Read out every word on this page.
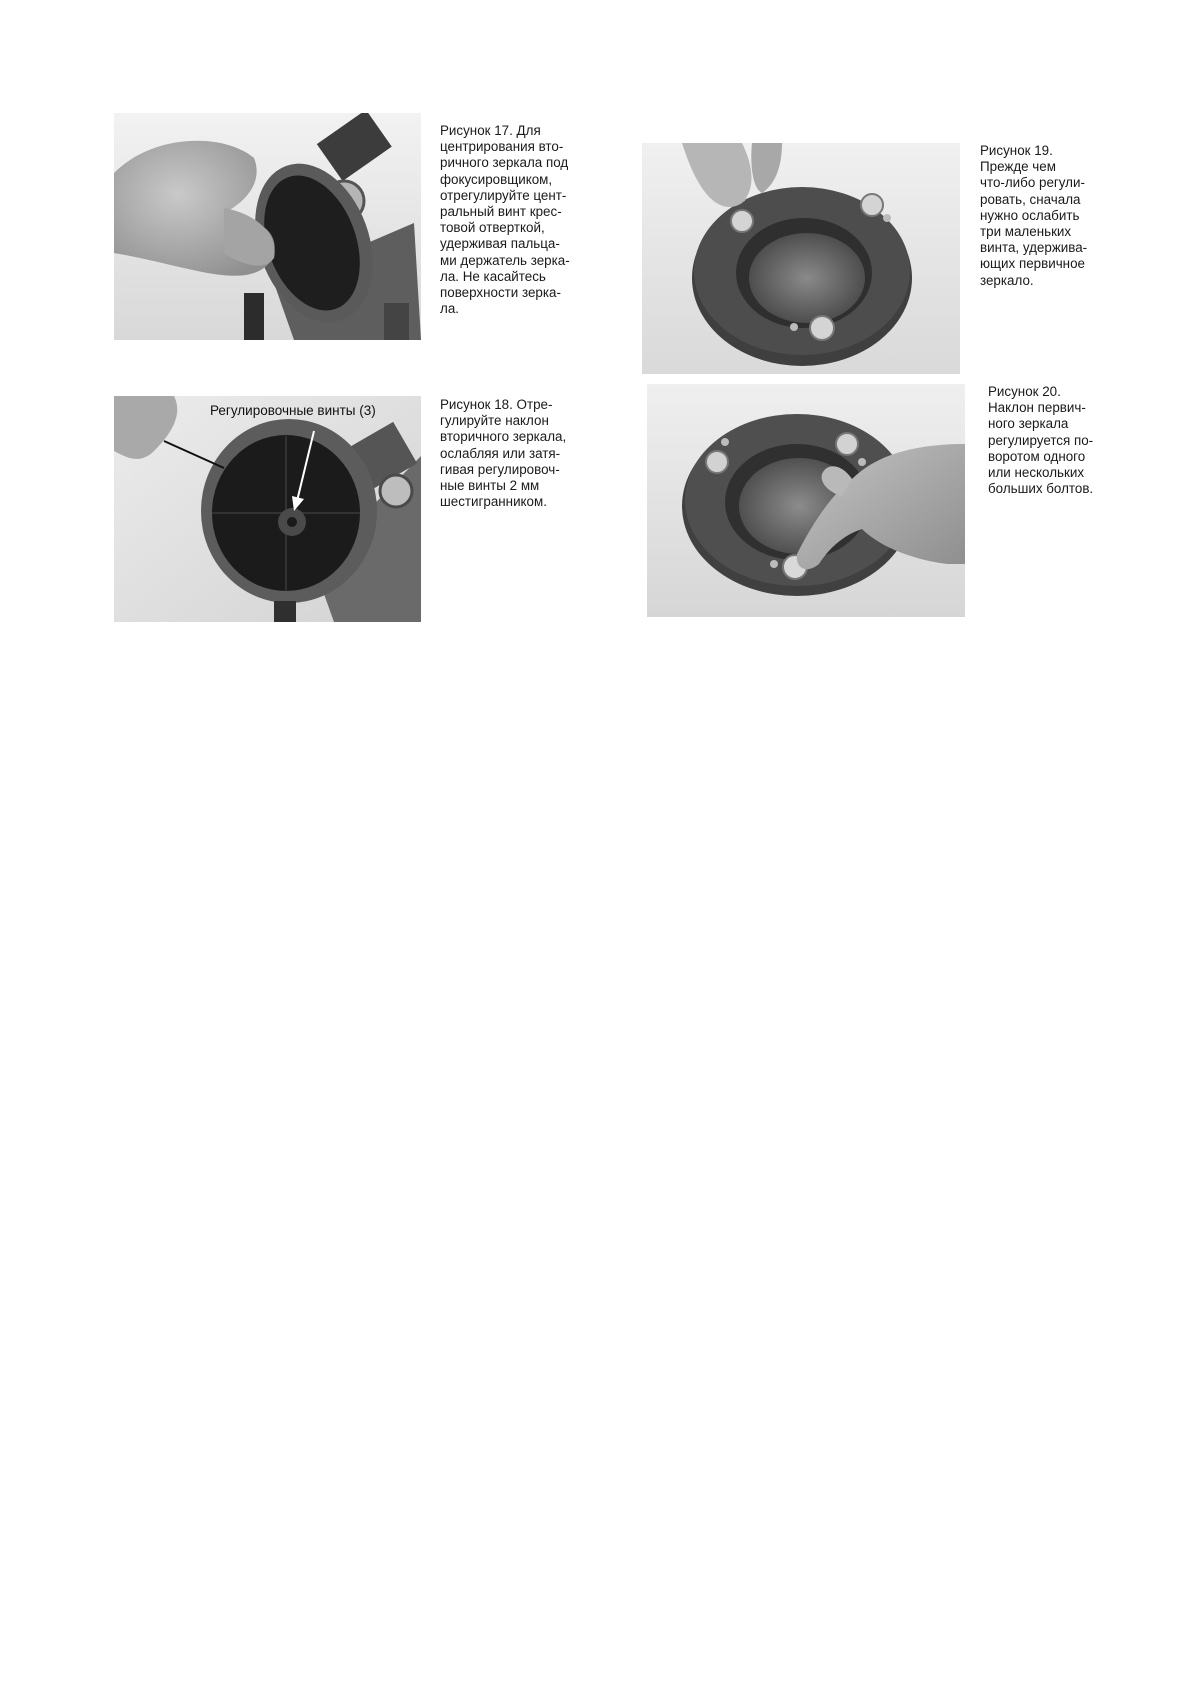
Рисунок 17. Для
центрирования вто-
ричного зеркала под
фокусировщиком,
отрегулируйте цент-
ральный винт крес-
товой отверткой,
удерживая пальца-
ми держатель зерка-
ла. Не касайтесь
поверхности зерка-
ла.
Регулировочные винты (3)	Рисунок 18. Отре-
гулируйте наклон
вторичного зеркала,
ослабляя или затя-
гивая регулировоч-
ные винты 2 мм
шестигранником.
Рисунок 19.
Прежде чем
что-либо регули-
ровать, сначала
нужно ослабить
три маленьких
винта, удержива-
ющих первичное
зеркало.
Рисунок 20.
Наклон первич-
ного зеркала
регулируется по-
воротом одного
или нескольких
больших болтов.
